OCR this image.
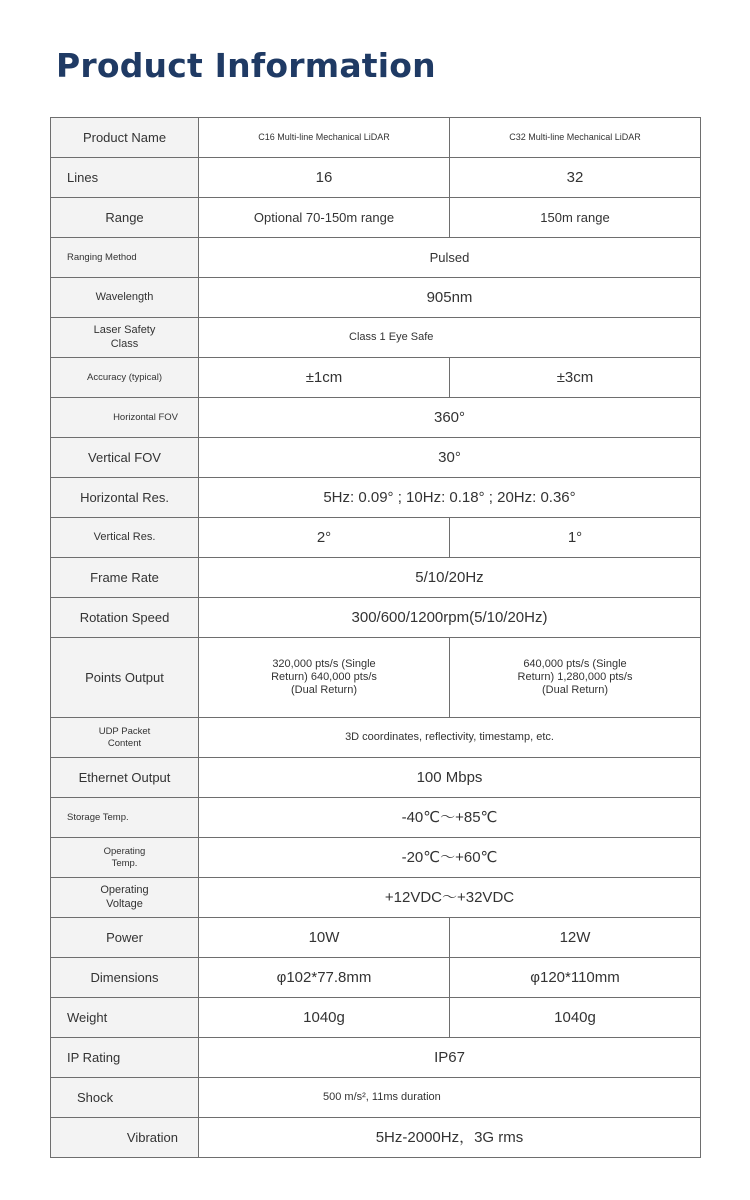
Product Information
Product Name	C16 Multi-line Mechanical LiDAR	C32 Multi-line Mechanical LiDAR
Lines	16	32
Range	Optional 70-150m range	150m range
Ranging Method	Pulsed	
Wavelength	905nm	
Laser Safety Class	Class 1 Eye Safe	
Accuracy (typical)	±1cm	±3cm
Horizontal FOV	360°	
Vertical FOV	30°	
Horizontal Res.	5Hz: 0.09° ; 10Hz: 0.18° ; 20Hz: 0.36°	
Vertical Res.	2°	1°
Frame Rate	5/10/20Hz	
Rotation Speed	300/600/1200rpm(5/10/20Hz)	
Points Output	320,000 pts/s (Single Return) 640,000 pts/s (Dual Return)	640,000 pts/s (Single Return) 1,280,000 pts/s (Dual Return)
UDP Packet Content	3D coordinates, reflectivity, timestamp, etc.	
Ethernet Output	100 Mbps	
Storage Temp.	-40℃～+85℃	
Operating Temp.	-20℃～+60℃	
Operating Voltage	+12VDC～+32VDC	
Power	10W	12W
Dimensions	φ102*77.8mm	φ120*110mm
Weight	1040g	1040g
IP Rating	IP67	
Shock	500 m/s², 11ms duration	
Vibration	5Hz-2000Hz，3G rms	
